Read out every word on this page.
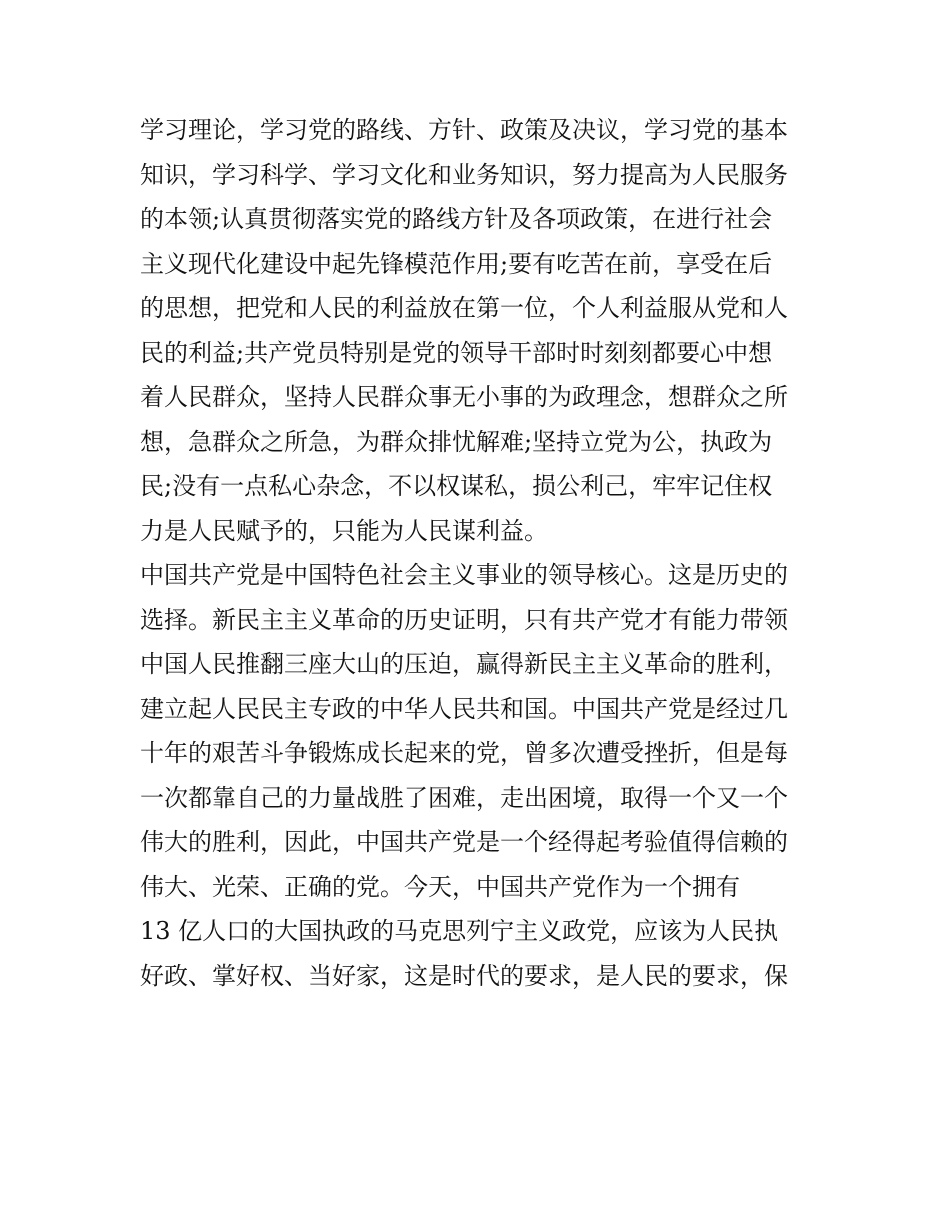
学习理论，学习党的路线、方针、政策及决议，学习党的基本
知识，学习科学、学习文化和业务知识，努力提高为人民服务
的本领;认真贯彻落实党的路线方针及各项政策，在进行社会
主义现代化建设中起先锋模范作用;要有吃苦在前，享受在后
的思想，把党和人民的利益放在第一位，个人利益服从党和人
民的利益;共产党员特别是党的领导干部时时刻刻都要心中想
着人民群众，坚持人民群众事无小事的为政理念，想群众之所
想，急群众之所急，为群众排忧解难;坚持立党为公，执政为
民;没有一点私心杂念，不以权谋私，损公利己，牢牢记住权
力是人民赋予的，只能为人民谋利益。
中国共产党是中国特色社会主义事业的领导核心。这是历史的
选择。新民主主义革命的历史证明，只有共产党才有能力带领
中国人民推翻三座大山的压迫，赢得新民主主义革命的胜利，
建立起人民民主专政的中华人民共和国。中国共产党是经过几
十年的艰苦斗争锻炼成长起来的党，曾多次遭受挫折，但是每
一次都靠自己的力量战胜了困难，走出困境，取得一个又一个
伟大的胜利，因此，中国共产党是一个经得起考验值得信赖的
伟大、光荣、正确的党。今天，中国共产党作为一个拥有
13 亿人口的大国执政的马克思列宁主义政党，应该为人民执
好政、掌好权、当好家，这是时代的要求，是人民的要求，保
